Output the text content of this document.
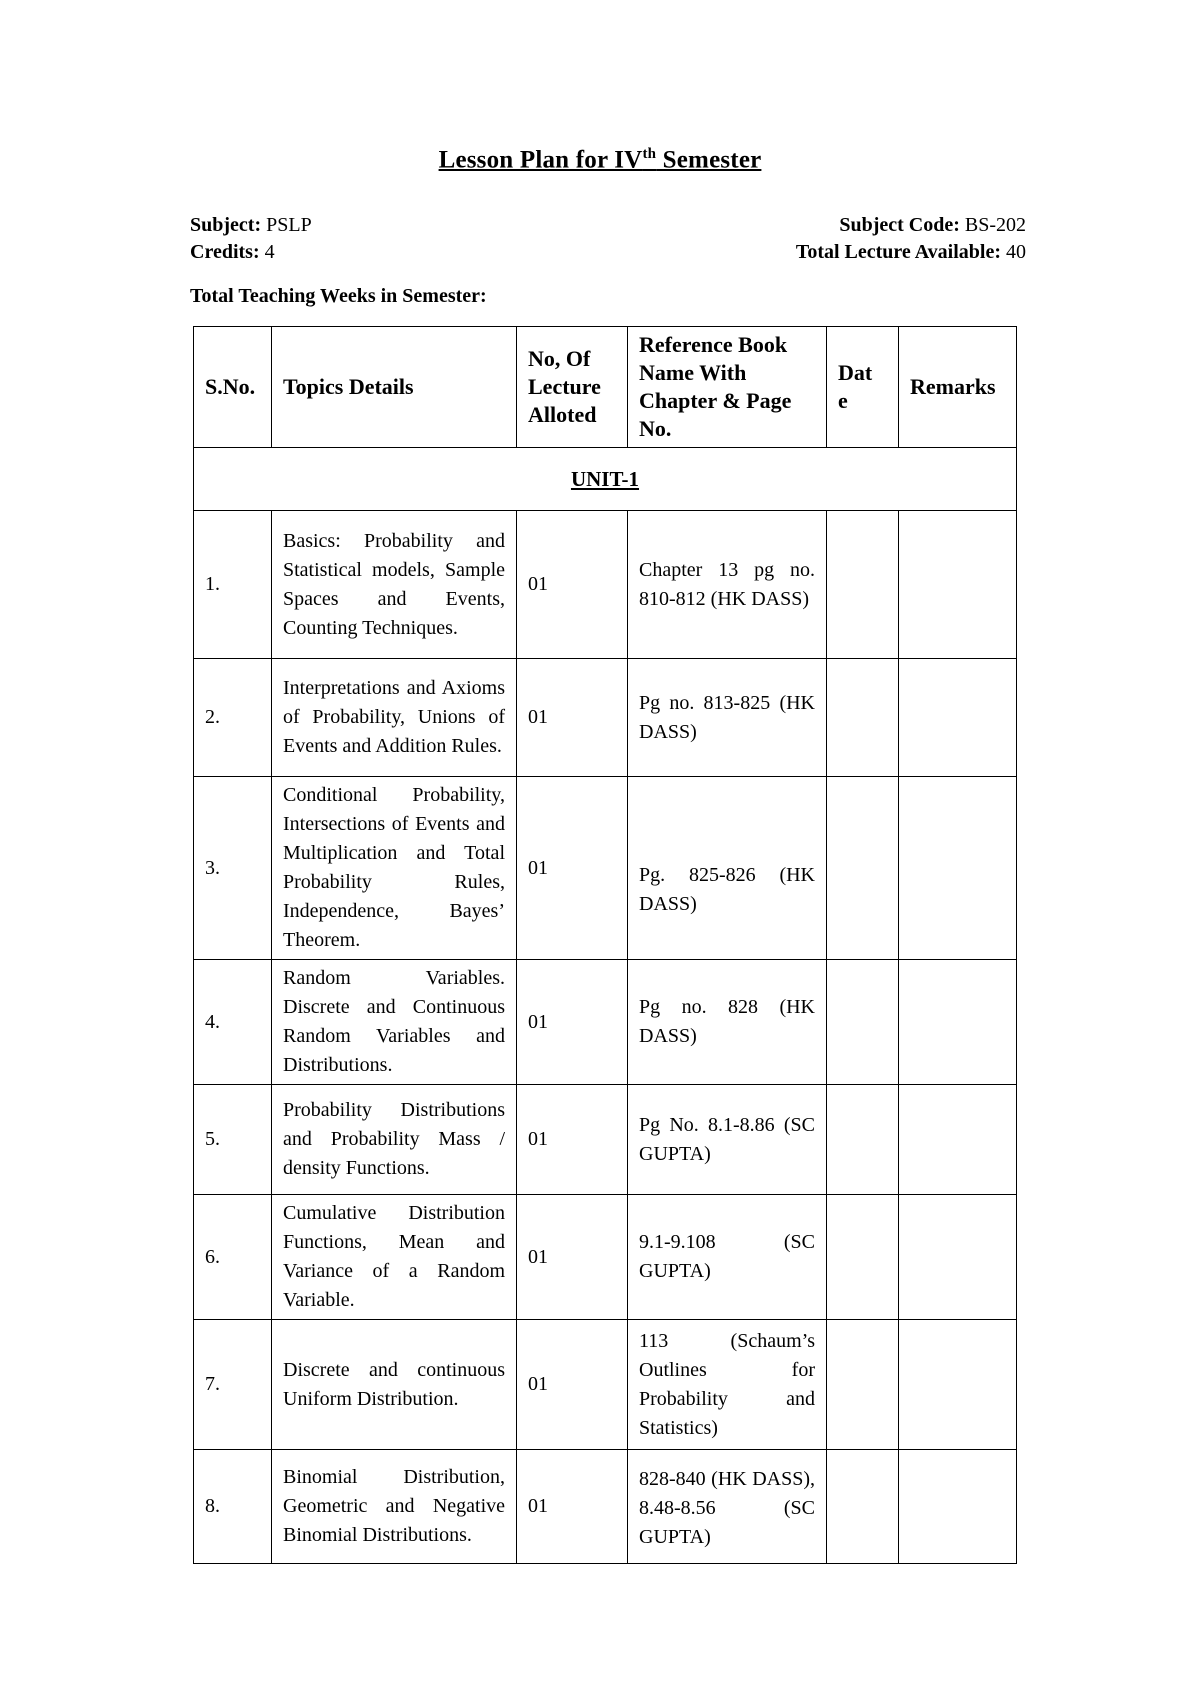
Lesson Plan for IVth Semester
Subject: PSLP	Subject Code: BS-202
Credits: 4	Total Lecture Available: 40
Total Teaching Weeks in Semester:
S.No.	Topics Details	No, Of Lecture Alloted	Reference Book Name With Chapter & Page No.	Dat e	Remarks
UNIT-1					
1.	Basics: Probability and Statistical models, Sample Spaces and Events, Counting Techniques.	01	Chapter 13 pg no. 810-812 (HK DASS)		
2.	Interpretations and Axioms of Probability, Unions of Events and Addition Rules.	01	Pg no. 813-825 (HK DASS)		
3.	Conditional Probability, Intersections of Events and Multiplication and Total Probability Rules, Independence, Bayes’ Theorem.	01	Pg. 825-826 (HK DASS)		
4.	Random Variables. Discrete and Continuous Random Variables and Distributions.	01	Pg no. 828 (HK DASS)		
5.	Probability Distributions and Probability Mass / density Functions.	01	Pg No. 8.1-8.86 (SC GUPTA)		
6.	Cumulative Distribution Functions, Mean and Variance of a Random Variable.	01	9.1-9.108 (SC GUPTA)		
7.	Discrete and continuous Uniform Distribution.	01	113 (Schaum’s Outlines for Probability and Statistics)		
8.	Binomial Distribution, Geometric and Negative Binomial Distributions.	01	828-840 (HK DASS), 8.48-8.56 (SC GUPTA)		
